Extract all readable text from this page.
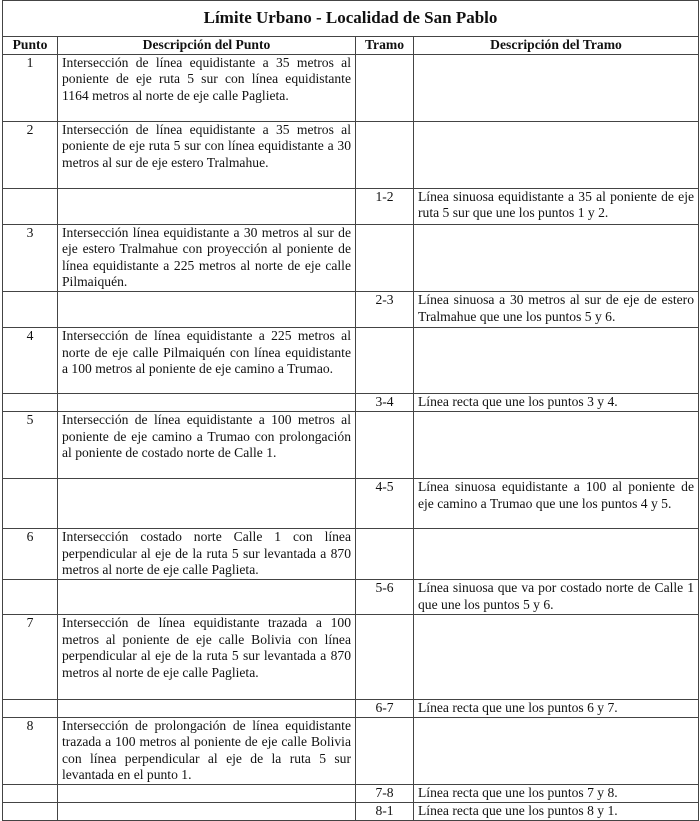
Límite Urbano - Localidad de San Pablo			
Punto	Descripción del Punto	Tramo	Descripción del Tramo
1	Intersección de línea equidistante a 35 metros al poniente de eje ruta 5 sur con línea equidistante 1164 metros al norte de eje calle Paglieta.		
2	Intersección de línea equidistante a 35 metros al poniente de eje ruta 5 sur con línea equidistante a 30 metros al sur de eje estero Tralmahue.		
		1-2	Línea sinuosa equidistante a 35 al poniente de eje ruta 5 sur que une los puntos 1 y 2.
3	Intersección línea equidistante a 30 metros al sur de eje estero Tralmahue con proyección al poniente de línea equidistante a 225 metros al norte de eje calle Pilmaiquén.		
		2-3	Línea sinuosa a 30 metros al sur de eje de estero Tralmahue que une los puntos 5 y 6.
4	Intersección de línea equidistante a 225 metros al norte de eje calle Pilmaiquén con línea equidistante a 100 metros al poniente de eje camino a Trumao.		
		3-4	Línea recta que une los puntos 3 y 4.
5	Intersección de línea equidistante a 100 metros al poniente de eje camino a Trumao con prolongación al poniente de costado norte de Calle 1.		
		4-5	Línea sinuosa equidistante a 100 al poniente de eje camino a Trumao que une los puntos 4 y 5.
6	Intersección costado norte Calle 1 con línea perpendicular al eje de la ruta 5 sur levantada a 870 metros al norte de eje calle Paglieta.		
		5-6	Línea sinuosa que va por costado norte de Calle 1 que une los puntos 5 y 6.
7	Intersección de línea equidistante trazada a 100 metros al poniente de eje calle Bolivia con línea perpendicular al eje de la ruta 5 sur levantada a 870 metros al norte de eje calle Paglieta.		
		6-7	Línea recta que une los puntos 6 y 7.
8	Intersección de prolongación de línea equidistante trazada a 100 metros al poniente de eje calle Bolivia con línea perpendicular al eje de la ruta 5 sur levantada en el punto 1.		
		7-8	Línea recta que une los puntos 7 y 8.
		8-1	Línea recta que une los puntos 8 y 1.
